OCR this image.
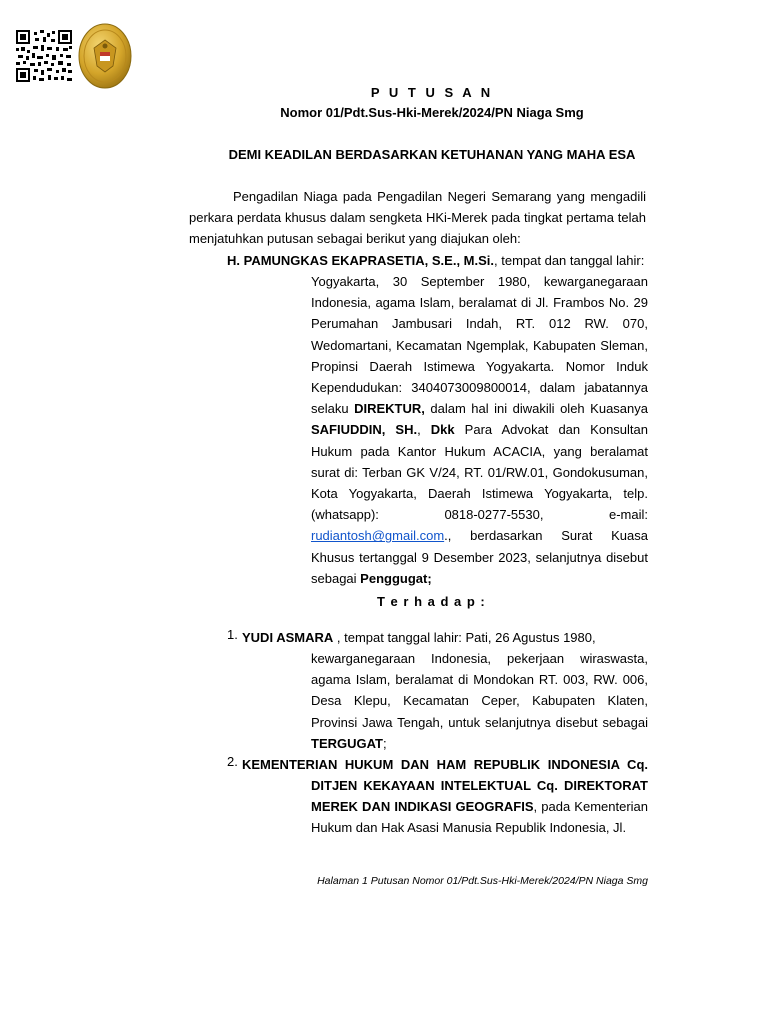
P U T U S A N
Nomor 01/Pdt.Sus-Hki-Merek/2024/PN Niaga Smg
DEMI KEADILAN BERDASARKAN KETUHANAN YANG MAHA ESA
Pengadilan Niaga pada Pengadilan Negeri Semarang yang mengadili perkara perdata khusus dalam sengketa HKi-Merek pada tingkat pertama telah menjatuhkan putusan sebagai berikut yang diajukan oleh:
H. PAMUNGKAS EKAPRASETIA, S.E., M.Si., tempat dan tanggal lahir:
Yogyakarta, 30 September 1980, kewarganegaraan Indonesia, agama Islam, beralamat di Jl. Frambos No. 29 Perumahan Jambusari Indah, RT. 012 RW. 070, Wedomartani, Kecamatan Ngemplak, Kabupaten Sleman, Propinsi Daerah Istimewa Yogyakarta. Nomor Induk Kependudukan: 3404073009800014, dalam jabatannya selaku DIREKTUR, dalam hal ini diwakili oleh Kuasanya SAFIUDDIN, SH., Dkk Para Advokat dan Konsultan Hukum pada Kantor Hukum ACACIA, yang beralamat surat di: Terban GK V/24, RT. 01/RW.01, Gondokusuman, Kota Yogyakarta, Daerah Istimewa Yogyakarta, telp. (whatsapp): 0818-0277-5530, e-mail: rudiantosh@gmail.com., berdasarkan Surat Kuasa Khusus tertanggal 9 Desember 2023, selanjutnya disebut sebagai Penggugat;
T e r h a d a p :
1. YUDI ASMARA , tempat tanggal lahir: Pati, 26 Agustus 1980,
kewarganegaraan Indonesia, pekerjaan wiraswasta, agama Islam, beralamat di Mondokan RT. 003, RW. 006, Desa Klepu, Kecamatan Ceper, Kabupaten Klaten, Provinsi Jawa Tengah, untuk selanjutnya disebut sebagai TERGUGAT;
2. KEMENTERIAN HUKUM DAN HAM REPUBLIK INDONESIA Cq.
DITJEN KEKAYAAN INTELEKTUAL Cq. DIREKTORAT MEREK DAN INDIKASI GEOGRAFIS, pada Kementerian Hukum dan Hak Asasi Manusia Republik Indonesia, Jl.
Halaman 1 Putusan Nomor 01/Pdt.Sus-Hki-Merek/2024/PN Niaga Smg
